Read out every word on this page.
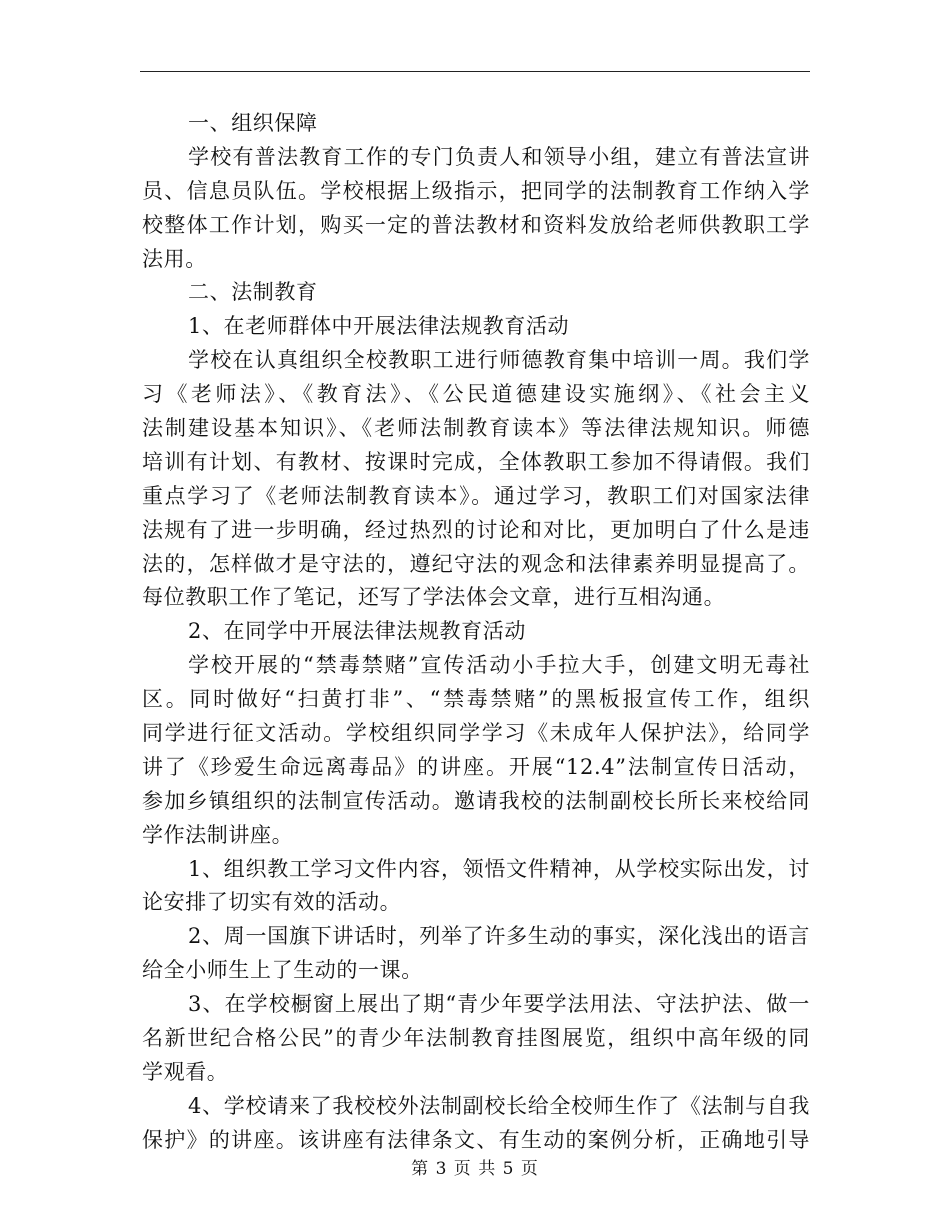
一、组织保障
学校有普法教育工作的专门负责人和领导小组，建立有普法宣讲
员、信息员队伍。学校根据上级指示，把同学的法制教育工作纳入学
校整体工作计划，购买一定的普法教材和资料发放给老师供教职工学
法用。
二、法制教育
1、在老师群体中开展法律法规教育活动
学校在认真组织全校教职工进行师德教育集中培训一周。我们学
习《老师法》、《教育法》、《公民道德建设实施纲》、《社会主义
法制建设基本知识》、《老师法制教育读本》等法律法规知识。师德
培训有计划、有教材、按课时完成，全体教职工参加不得请假。我们
重点学习了《老师法制教育读本》。通过学习，教职工们对国家法律
法规有了进一步明确，经过热烈的讨论和对比，更加明白了什么是违
法的，怎样做才是守法的，遵纪守法的观念和法律素养明显提高了。
每位教职工作了笔记，还写了学法体会文章，进行互相沟通。
2、在同学中开展法律法规教育活动
学校开展的“禁毒禁赌”宣传活动小手拉大手，创建文明无毒社
区。同时做好“扫黄打非”、“禁毒禁赌”的黑板报宣传工作，组织
同学进行征文活动。学校组织同学学习《未成年人保护法》，给同学
讲了《珍爱生命远离毒品》的讲座。开展“12.4”法制宣传日活动，
参加乡镇组织的法制宣传活动。邀请我校的法制副校长所长来校给同
学作法制讲座。
1、组织教工学习文件内容，领悟文件精神，从学校实际出发，讨
论安排了切实有效的活动。
2、周一国旗下讲话时，列举了许多生动的事实，深化浅出的语言
给全小师生上了生动的一课。
3、在学校橱窗上展出了期“青少年要学法用法、守法护法、做一
名新世纪合格公民”的青少年法制教育挂图展览，组织中高年级的同
学观看。
4、学校请来了我校校外法制副校长给全校师生作了《法制与自我
保护》的讲座。该讲座有法律条文、有生动的案例分析，正确地引导
第 3 页 共 5 页
